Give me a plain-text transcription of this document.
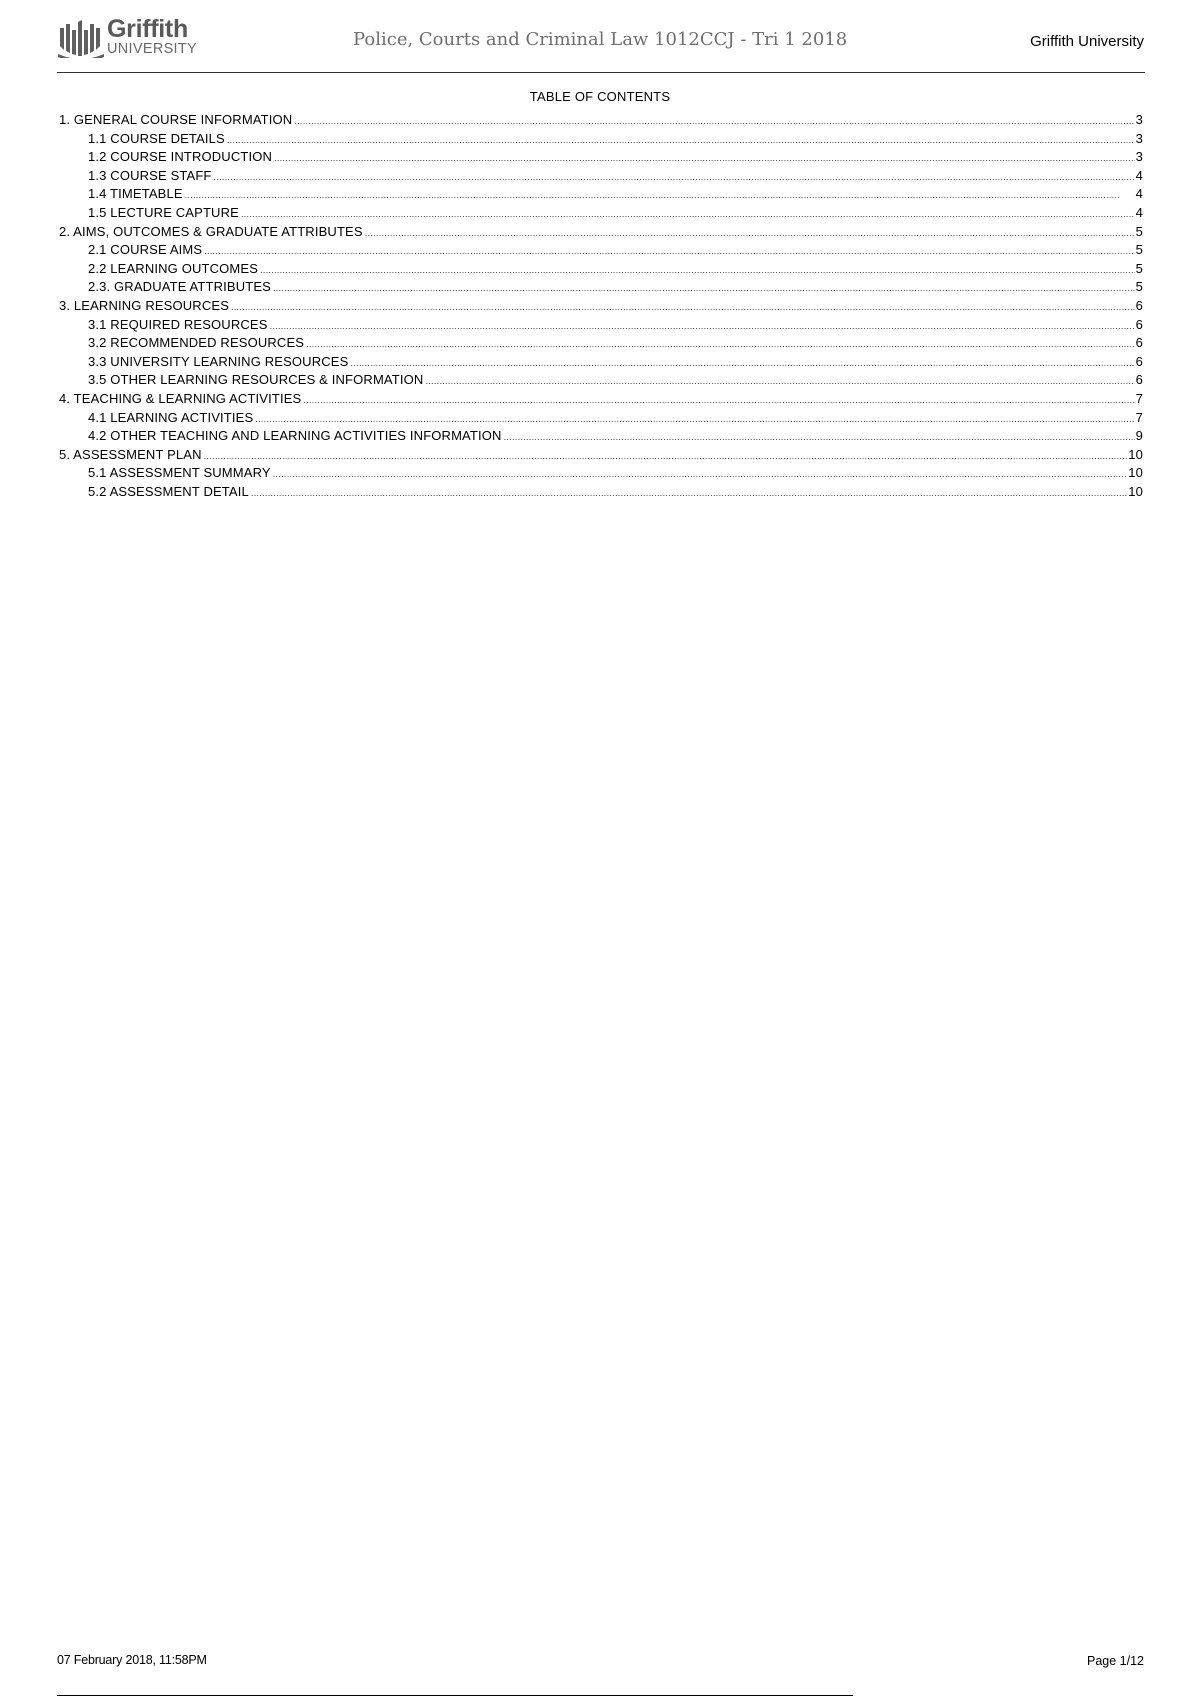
Griffith
UNIVERSITY	Police, Courts and Criminal Law 1012CCJ - Tri 1 2018	Griffith University
TABLE OF CONTENTS
1. GENERAL COURSE INFORMATION .....	3
1.1 COURSE DETAILS .....	3
1.2 COURSE INTRODUCTION .....	3
1.3 COURSE STAFF .....	4
1.4 TIMETABLE .....	4
1.5 LECTURE CAPTURE .....	4
2. AIMS, OUTCOMES & GRADUATE ATTRIBUTES .....	5
2.1 COURSE AIMS .....	5
2.2 LEARNING OUTCOMES .....	5
2.3. GRADUATE ATTRIBUTES .....	5
3. LEARNING RESOURCES .....	6
3.1 REQUIRED RESOURCES .....	6
3.2 RECOMMENDED RESOURCES .....	6
3.3 UNIVERSITY LEARNING RESOURCES .....	6
3.5 OTHER LEARNING RESOURCES & INFORMATION .....	6
4. TEACHING & LEARNING ACTIVITIES .....	7
4.1 LEARNING ACTIVITIES .....	7
4.2 OTHER TEACHING AND LEARNING ACTIVITIES INFORMATION .....	9
5. ASSESSMENT PLAN .....	10
5.1 ASSESSMENT SUMMARY .....	10
5.2 ASSESSMENT DETAIL .....	10
07 February 2018, 11:58PM	Page 1/12
